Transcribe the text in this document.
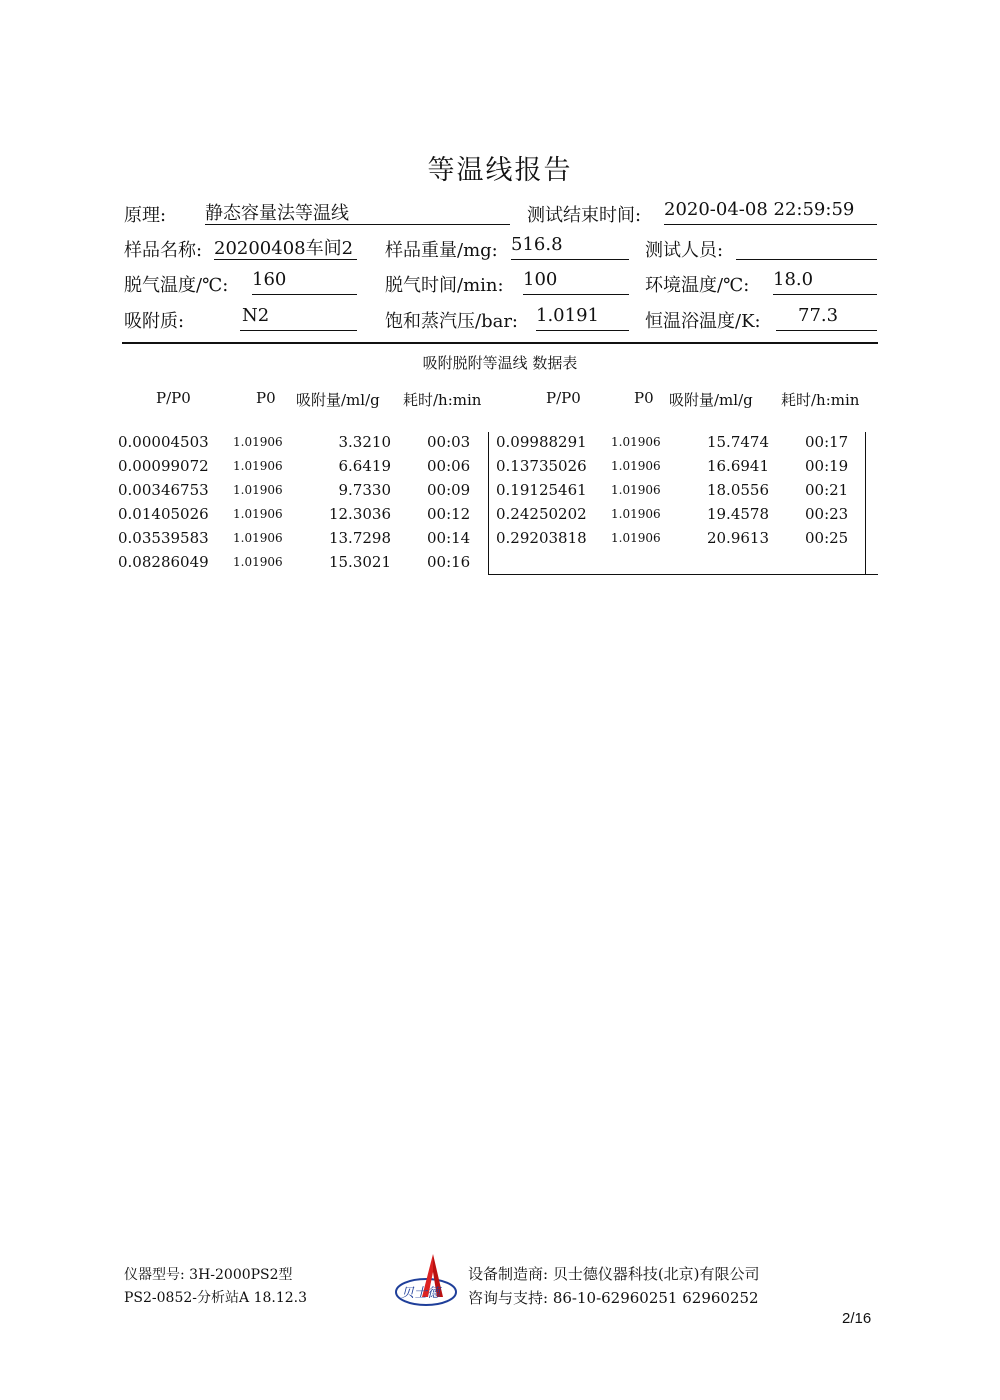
等温线报告
原理: 静态容量法等温线	测试结束时间: 2020-04-08 22:59:59
样品名称: 20200408车间2 样品重量/mg: 516.8	测试人员:
脱气温度/℃: 160	脱气时间/min: 100	环境温度/℃: 18.0
吸附质:	N2	饱和蒸汽压/bar: 1.0191	恒温浴温度/K:	77.3
吸附脱附等温线 数据表
P/P0	P0 吸附量/ml/g 耗时/h:min	P/P0	P0 吸附量/ml/g 耗时/h:min
0.00004503 1.01906	3.3210 00:03
0.00099072 1.01906	6.6419 00:06
0.00346753 1.01906	9.7330 00:09
0.01405026 1.01906	12.3036 00:12
0.03539583 1.01906	13.7298 00:14
0.08286049 1.01906	15.3021 00:16
0.09988291 1.01906	15.7474 00:17
0.13735026 1.01906	16.6941 00:19
0.19125461 1.01906	18.0556 00:21
0.24250202 1.01906	19.4578 00:23
0.29203818 1.01906	20.9613 00:25
仪器型号: 3H-2000PS2型
PS2-0852-分析站A 18.12.3	贝士德
设备制造商: 贝士德仪器科技(北京)有限公司
咨询与支持: 86-10-62960251 62960252
2/16
